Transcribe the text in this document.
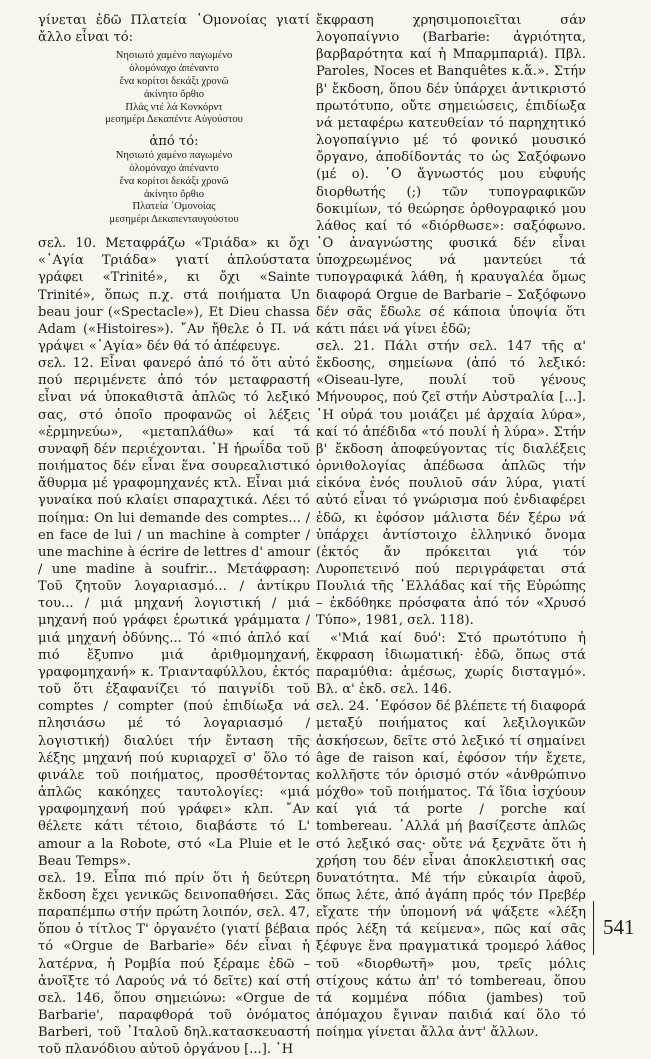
γίνεται ἐδῶ Πλατεία ῾Ομονοίας γιατί ἄλλο εἶναι τό:

Νησιωτό χαμένο παγωμένο
ὁλομόναχο ἀπέναντο
ἕνα κορίτσι δεκάξι χρονῶ
ἀκίνητο ὄρθιο
Πλάς ντέ λά Κονκόρντ
μεσημέρι Δεκαπέντε Αὐγούστου

ἀπό τό:

Νησιωτό χαμένο παγωμένο
ὁλομόναχο ἀπέναντο
ἕνα κορίτσι δεκάξι χρονῶ
ἀκίνητο ὄρθιο
Πλατεία ῾Ομονοίας
μεσημέρι Δεκαπενταυγούστου

σελ. 10. Μεταφράζω «Τριάδα» κι ὄχι «῾Αγία Τριάδα» γιατί ἁπλούστατα γράφει «Trinité», κι ὄχι «Sainte Trinité», ὅπως π.χ. στά ποιήματα Un beau jour («Spectacle»), Et Dieu chassa Adam («Histoires»). ῎Αν ἤθελε ὁ Π. νά γράψει «῾Αγία» δέν θά τό ἀπέφευγε.

σελ. 12. Εἶναι φανερό ἀπό τό ὅτι αὐτό πού περιμένετε ἀπό τόν μεταφραστή εἶναι νά ὑποκαθιστᾶ ἁπλῶς τό λεξικό σας, στό ὁποῖο προφανῶς οἱ λέξεις «ἑρμηνεύω», «μεταπλάθω» καί τά συναφῆ δέν περιέχονται. ῾Η ἡρωΐδα τοῦ ποιήματος δέν εἶναι ἕνα σουρεαλιστικό ἄθυρμα μέ γραφομηχανές κτλ. Εἶναι μιά γυναίκα πού κλαίει σπαραχτικά. Λέει τό ποίημα: On lui demande des comptes... / en face de lui / un machine à compter / une machine à écrire de lettres d' amour / une madine à soufrir... Μετάφραση: Τοῦ ζητοῦν λογαριασμό... / ἀντίκρυ του... / μιά μηχανή λογιστική / μιά μηχανή πού γράφει ἐρωτικά γράμματα / μιά μηχανή ὀδύνης... Τό «πιό ἁπλό καί πιό ἔξυπνο μιά ἀριθμομηχανή, γραφομηχανή» κ. Τριανταφύλλου, ἐκτός τοῦ ὅτι ἐξαφανίζει τό παιγνίδι τοῦ comptes / compter (πού ἐπιδίωξα νά πλησιάσω μέ τό λογαριασμό / λογιστική) διαλύει τήν ἔνταση τῆς λέξης μηχανή πού κυριαρχεῖ σ' ὅλο τό φινάλε τοῦ ποιήματος, προσθέτοντας ἁπλῶς κακόηχες ταυτολογίες: «μιά γραφομηχανή πού γράφει» κλπ. ῎Αν θέλετε κάτι τέτοιο, διαβάστε τό L' amour a la Robote, στό «La Pluie et le Beau Temps».

σελ. 19. Εἶπα πιό πρίν ὅτι ἡ δεύτερη ἔκδοση ἔχει γενικῶς δεινοπαθήσει. Σᾶς παραπέμπω στήν πρώτη λοιπόν, σελ. 47, ὅπου ὁ τίτλος Τ' ὀργανέτο (γιατί βέβαια τό «Orgue de Barbarie» δέν εἶναι ἡ λατέρνα, ἡ Ρομβία πού ξέραμε ἐδῶ – ἀνοῖξτε τό Λαρούς νά τό δεῖτε) καί στή σελ. 146, ὅπου σημειώνω: «Orgue de Barbarie', παραφθορά τοῦ ὀνόματος Barberi, τοῦ ᾿Ιταλοῦ δηλ.κατασκευαστή τοῦ πλανόδιου αὐτοῦ ὀργάνου [...]. ῾Η

ἔκφραση χρησιμοποιεῖται σάν λογοπαίγνιο (Barbarie: ἀγριότητα, βαρβαρότητα καί ἡ Μπαρμπαριά). Πβλ. Paroles, Noces et Banquêtes κ.ἅ.». Στήν β' ἔκδοση, ὅπου δέν ὑπάρχει ἀντικριστό πρωτότυπο, οὔτε σημειώσεις, ἐπιδίωξα νά μεταφέρω κατευθείαν τό παρηχητικό λογοπαίγνιο μέ τό φονικό μουσικό ὄργανο, ἀποδίδοντάς το ὡς Σαξόφωνο (μέ ο). ῾Ο ἄγνωστός μου εὐφυής διορθωτής (;) τῶν τυπογραφικῶν δοκιμίων, τό θεώρησε ὀρθογραφικό μου λάθος καί τό «διόρθωσε»: σαξόφωνο. ῾Ο ἀναγνώστης φυσικά δέν εἶναι ὑποχρεωμένος νά μαντεύει τά τυπογραφικά λάθη, ἡ κραυγαλέα ὅμως διαφορά Orgue de Barbarie – Σαξόφωνο δέν σᾶς ἔδωλε σέ κάποια ὑποψία ὅτι κάτι πάει νά γίνει ἐδῶ;

σελ. 21. Πάλι στήν σελ. 147 τῆς α' ἔκδοσης, σημείωνα (ἀπό τό λεξικό: «Oiseau-lyre, πουλί τοῦ γένους Μήνουρος, πού ζεῖ στήν Αὐστραλία [...]. ῾Η οὐρά του μοιάζει μέ ἀρχαία λύρα», καί τό ἀπέδιδα «τό πουλί ἡ λύρα». Στήν β' ἔκδοση ἀποφεύγοντας τίς διαλέξεις ὀρνιθολογίας ἀπέδωσα ἁπλῶς τήν εἰκόνα ἑνός πουλιοῦ σάν λύρα, γιατί αὐτό εἶναι τό γνώρισμα πού ἐνδιαφέρει ἐδῶ, κι ἐφόσον μάλιστα δέν ξέρω νά ὑπάρχει ἀντίστοιχο ἑλληνικό ὄνομα (ἐκτός ἄν πρόκειται γιά τόν Λυροπετεινό πού περιγράφεται στά Πουλιά τῆς ᾿Ελλάδας καί τῆς Εὐρώπης – ἐκδόθηκε πρόσφατα ἀπό τόν «Χρυσό Τύπο», 1981, σελ. 118).

«'Μιά καί δυό': Στό πρωτότυπο ἡ ἔκφραση ἰδιωματική· ἐδῶ, ὅπως στά παραμύθια: ἀμέσως, χωρίς δισταγμό». Βλ. α' ἐκδ. σελ. 146.

σελ. 24. ᾿Εφόσον δέ βλέπετε τή διαφορά μεταξύ ποιήματος καί λεξιλογικῶν ἀσκήσεων, δεῖτε στό λεξικό τί σημαίνει âge de raison καί, ἐφόσον τήν ἔχετε, κολλῆστε τόν ὁρισμό στόν «ἀνθρώπινο μόχθο» τοῦ ποιήματος. Τά ἴδια ἰσχύουν καί γιά τά porte / porche καί tombereau. ᾿Αλλά μή βασίζεστε ἁπλῶς στό λεξικό σας· οὔτε νά ξεχνᾶτε ὅτι ἡ χρήση του δέν εἶναι ἀποκλειστική σας δυνατότητα. Μέ τήν εὐκαιρία ἀφοῦ, ὅπως λέτε, ἀπό ἀγάπη πρός τόν Πρεβέρ εἴχατε τήν ὑπομονή νά ψάξετε «λέξη πρός λέξη τά κείμενα», πῶς καί σᾶς ξέφυγε ἕνα πραγματικά τρομερό λάθος τοῦ «διορθωτῆ» μου, τρεῖς μόλις στίχους κάτω ἀπ' τό tombereau, ὅπου τά κομμένα πόδια (jambes) τοῦ ἀπόμαχου ἔγιναν παιδιά καί ὅλο τό ποίημα γίνεται ἄλλα ἀντ' ἄλλων.

541
